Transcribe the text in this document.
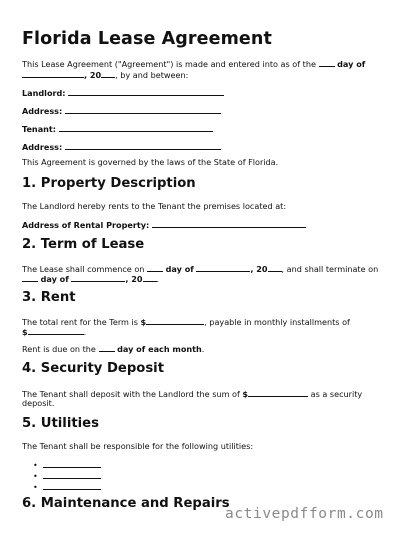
Florida Lease Agreement
This Lease Agreement ("Agreement") is made and entered into as of the	day of
, 20 , by and between:
Landlord:
Address:
Tenant:
Address:
This Agreement is governed by the laws of the State of Florida.
1. Property Description
The Landlord hereby rents to the Tenant the premises located at:
Address of Rental Property:
2. Term of Lease
The Lease shall commence on	day of	, 20 , and shall terminate on
day of	, 20 .
3. Rent
The total rent for the Term is $	, payable in monthly installments of
$	.
Rent is due on the	day of each month.
4. Security Deposit
The Tenant shall deposit with the Landlord the sum of $	as a security
deposit.
5. Utilities
The Tenant shall be responsible for the following utilities:
•
•
•
6. Maintenance and Repairs
activepdfform.com
